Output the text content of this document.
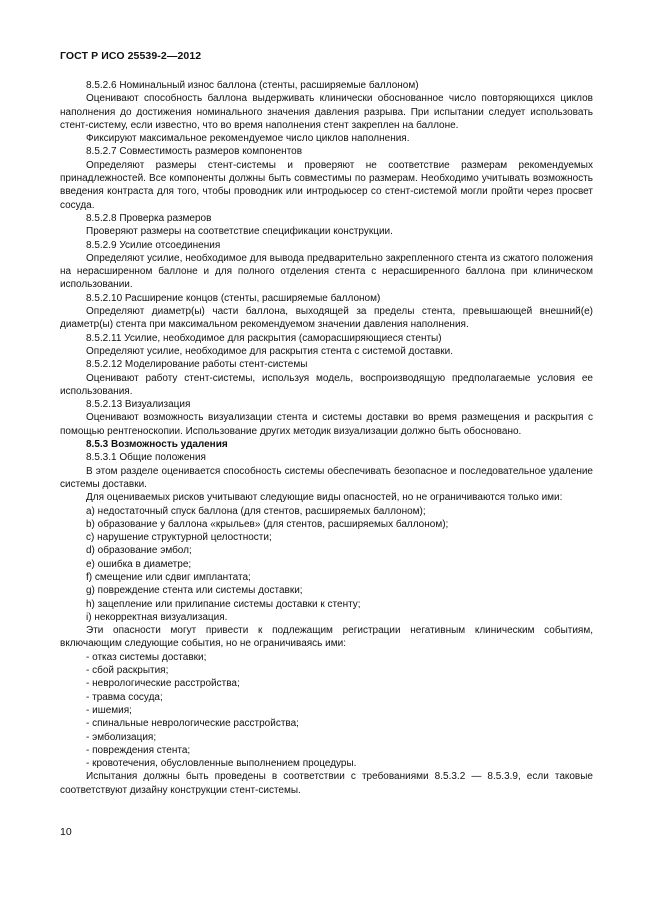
ГОСТ Р ИСО 25539-2—2012

8.5.2.6 Номинальный износ баллона (стенты, расширяемые баллоном)

Оценивают способность баллона выдерживать клинически обоснованное число повторяющихся циклов наполнения до достижения номинального значения давления разрыва. При испытании следует использовать стент-систему, если известно, что во время наполнения стент закреплен на баллоне.

Фиксируют максимальное рекомендуемое число циклов наполнения.

8.5.2.7 Совместимость размеров компонентов

Определяют размеры стент-системы и проверяют не соответствие размерам рекомендуемых принадлежностей. Все компоненты должны быть совместимы по размерам. Необходимо учитывать возможность введения контраста для того, чтобы проводник или интродьюсер со стент-системой могли пройти через просвет сосуда.

8.5.2.8 Проверка размеров

Проверяют размеры на соответствие спецификации конструкции.

8.5.2.9 Усилие отсоединения

Определяют усилие, необходимое для вывода предварительно закрепленного стента из сжатого положения на нерасширенном баллоне и для полного отделения стента с нерасширенного баллона при клиническом использовании.

8.5.2.10 Расширение концов (стенты, расширяемые баллоном)

Определяют диаметр(ы) части баллона, выходящей за пределы стента, превышающей внешний(е) диаметр(ы) стента при максимальном рекомендуемом значении давления наполнения.

8.5.2.11 Усилие, необходимое для раскрытия (саморасширяющиеся стенты)

Определяют усилие, необходимое для раскрытия стента с системой доставки.

8.5.2.12 Моделирование работы стент-системы

Оценивают работу стент-системы, используя модель, воспроизводящую предполагаемые условия ее использования.

8.5.2.13 Визуализация

Оценивают возможность визуализации стента и системы доставки во время размещения и раскрытия с помощью рентгеноскопии. Использование других методик визуализации должно быть обосновано.

8.5.3 Возможность удаления

8.5.3.1 Общие положения

В этом разделе оценивается способность системы обеспечивать безопасное и последовательное удаление системы доставки.

Для оцениваемых рисков учитывают следующие виды опасностей, но не ограничиваются только ими:

a) недостаточный спуск баллона (для стентов, расширяемых баллоном);

b) образование у баллона «крыльев» (для стентов, расширяемых баллоном);

c) нарушение структурной целостности;

d) образование эмбол;

e) ошибка в диаметре;

f) смещение или сдвиг имплантата;

g) повреждение стента или системы доставки;

h) зацепление или прилипание системы доставки к стенту;

i) некорректная визуализация.

Эти опасности могут привести к подлежащим регистрации негативным клиническим событиям, включающим следующие события, но не ограничиваясь ими:

- отказ системы доставки;

- сбой раскрытия;

- неврологические расстройства;

- травма сосуда;

- ишемия;

- спинальные неврологические расстройства;

- эмболизация;

- повреждения стента;

- кровотечения, обусловленные выполнением процедуры.

Испытания должны быть проведены в соответствии с требованиями 8.5.3.2 — 8.5.3.9, если таковые соответствуют дизайну конструкции стент-системы.

10
